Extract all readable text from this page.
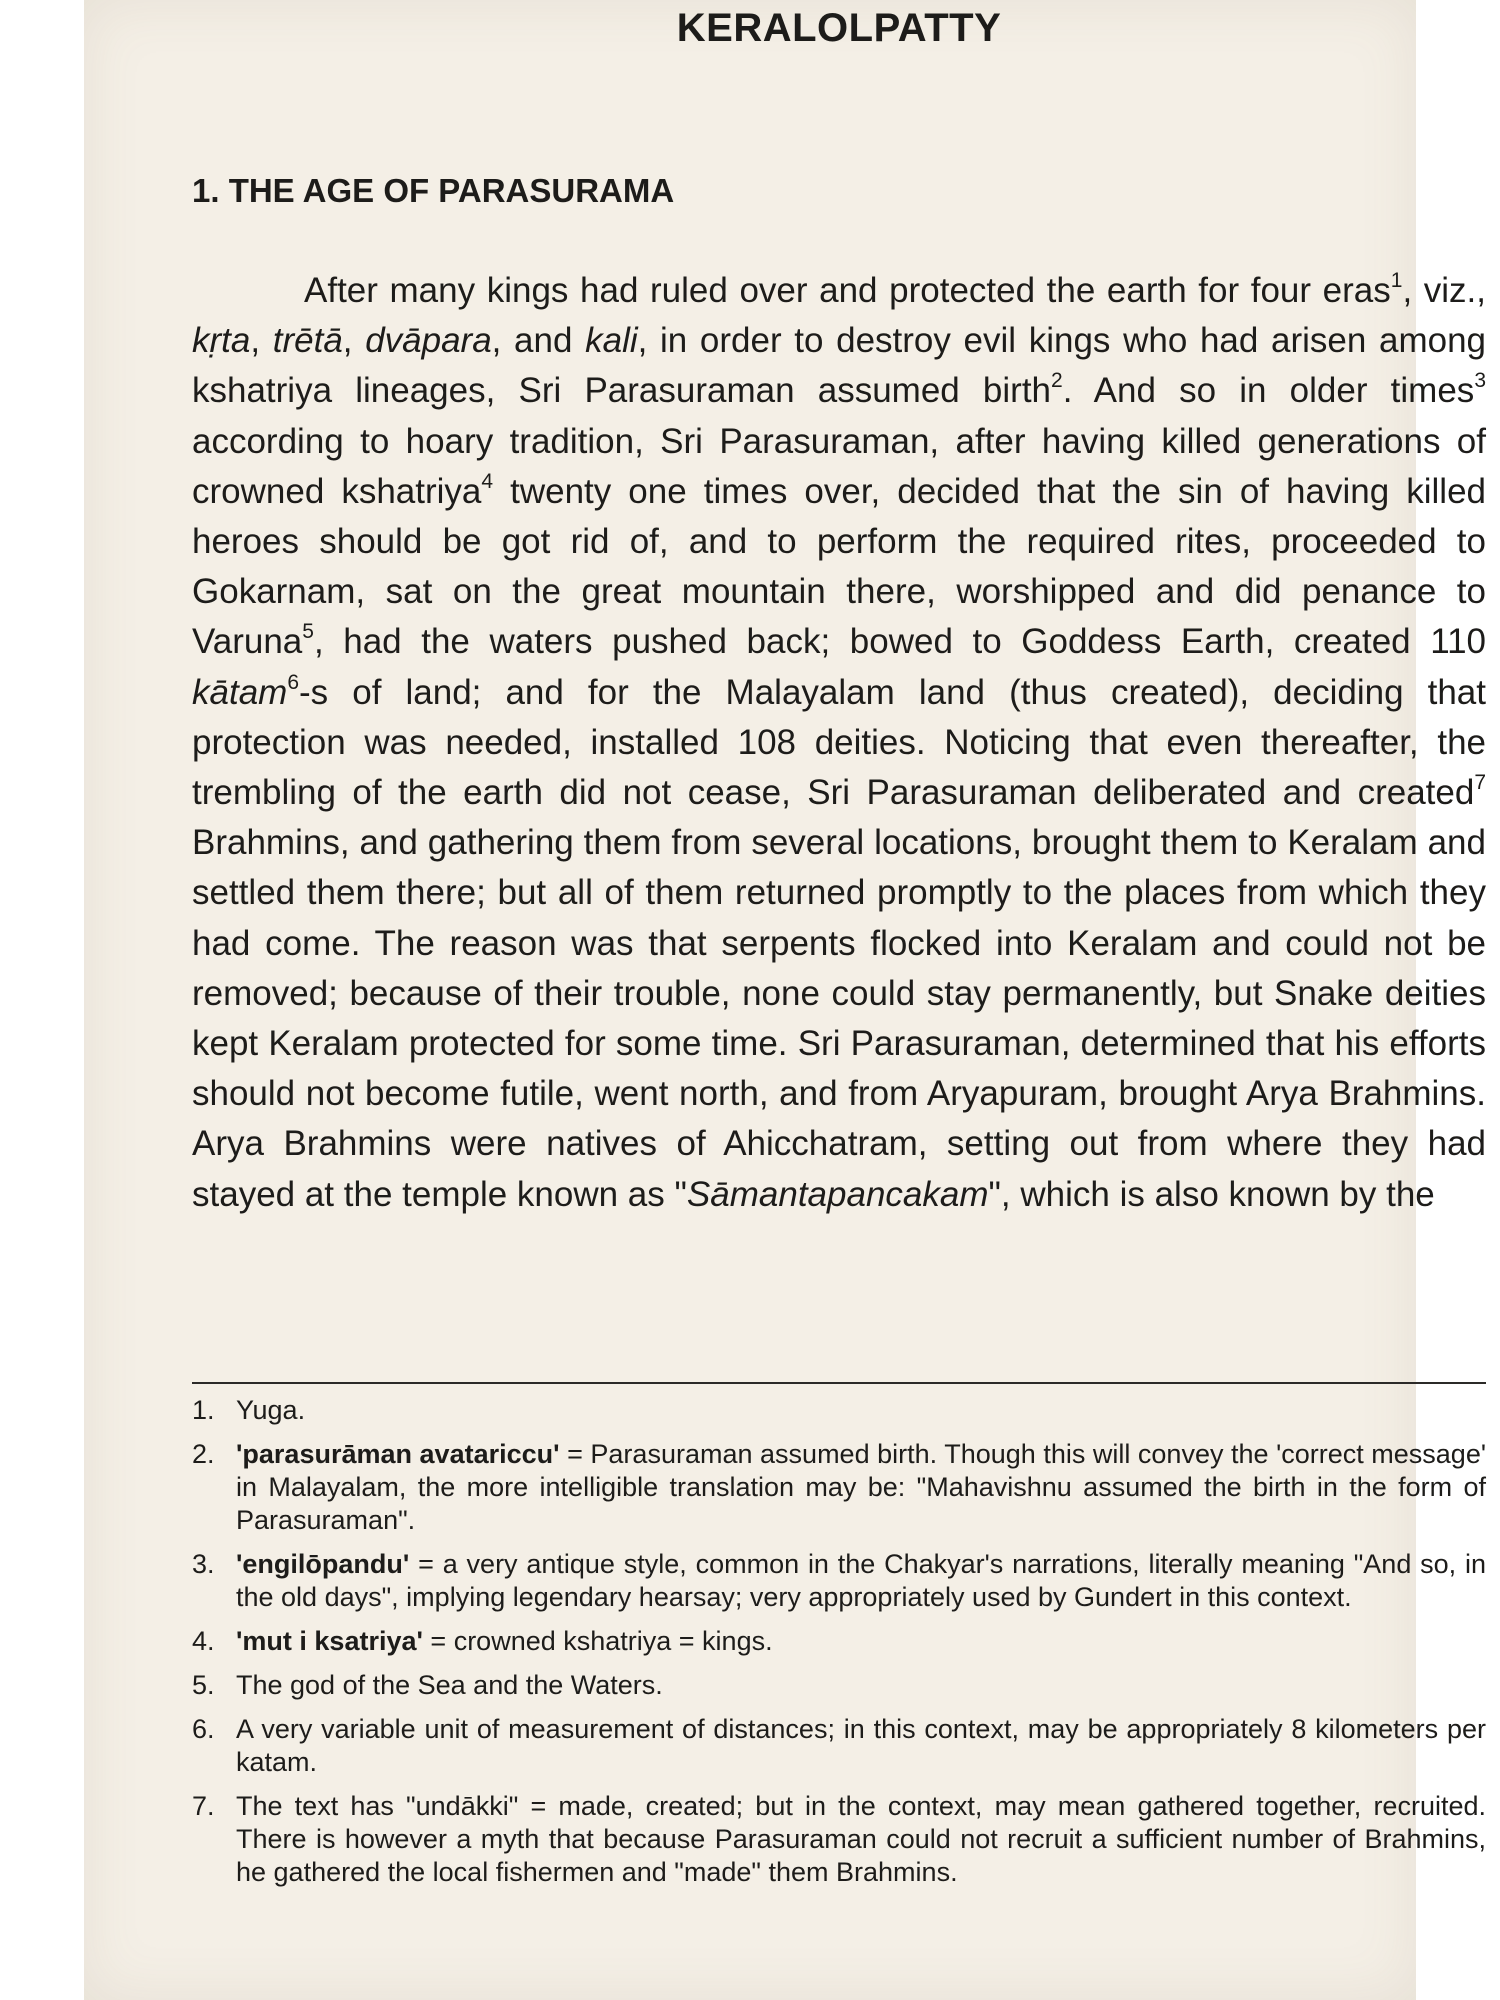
KERALOLPATTY
1. THE AGE OF PARASURAMA

After many kings had ruled over and protected the earth for four eras$^1$, viz., kṛta, trētā, dvāpara, and kali, in order to destroy evil kings who had arisen among kshatriya lineages, Sri Parasuraman assumed birth$^2$. And so in older times$^3$ according to hoary tradition, Sri Parasuraman, after having killed generations of crowned kshatriya$^4$ twenty one times over, decided that the sin of having killed heroes should be got rid of, and to perform the required rites, proceeded to Gokarnam, sat on the great mountain there, worshipped and did penance to Varuna$^5$, had the waters pushed back; bowed to Goddess Earth, created 110 kātam$^6$-s of land; and for the Malayalam land (thus created), deciding that protection was needed, installed 108 deities. Noticing that even thereafter, the trembling of the earth did not cease, Sri Parasuraman deliberated and created$^7$ Brahmins, and gathering them from several locations, brought them to Keralam and settled them there; but all of them returned promptly to the places from which they had come. The reason was that serpents flocked into Keralam and could not be removed; because of their trouble, none could stay permanently, but Snake deities kept Keralam protected for some time. Sri Parasuraman, determined that his efforts should not become futile, went north, and from Aryapuram, brought Arya Brahmins. Arya Brahmins were natives of Ahicchatram, setting out from where they had stayed at the temple known as "Sāmantapancakam", which is also known by the

1. Yuga.
2. 'parasurāman avatariccu' = Parasuraman assumed birth. Though this will convey the 'correct message' in Malayalam, the more intelligible translation may be: "Mahavishnu assumed the birth in the form of Parasuraman".
3. 'engilōpandu' = a very antique style, common in the Chakyar's narrations, literally meaning "And so, in the old days", implying legendary hearsay; very appropriately used by Gundert in this context.
4. 'mut i ksatriya' = crowned kshatriya = kings.
5. The god of the Sea and the Waters.
6. A very variable unit of measurement of distances; in this context, may be appropriately 8 kilometers per katam.
7. The text has "undākki" = made, created; but in the context, may mean gathered together, recruited. There is however a myth that because Parasuraman could not recruit a sufficient number of Brahmins, he gathered the local fishermen and "made" them Brahmins.
